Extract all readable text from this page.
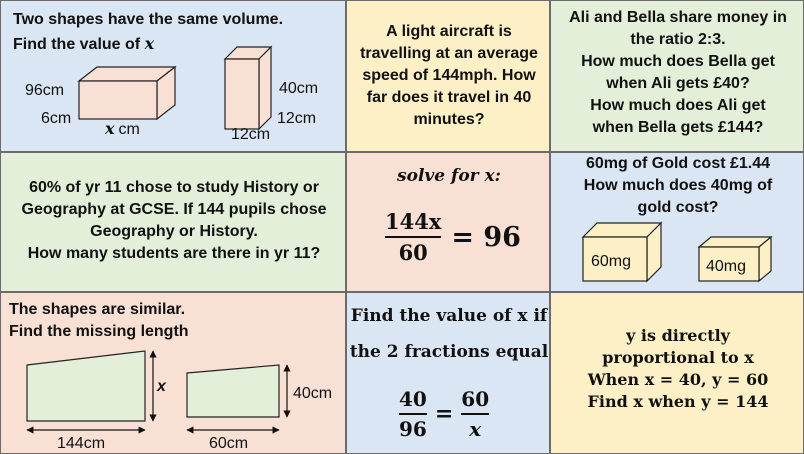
Two shapes have the same volume.
Find the value of x
96cm
6cm
x cm
40cm
12cm
12cm
A light aircraft is
travelling at an average
speed of 144mph. How
far does it travel in 40
minutes?
Ali and Bella share money in
the ratio 2:3.
How much does Bella get
when Ali gets £40?
How much does Ali get
when Bella gets £144?
60% of yr 11 chose to study History or
Geography at GCSE. If 144 pupils chose
Geography or History.
How many students are there in yr 11?
solve for x:
144x
60 = 96
60mg of Gold cost £1.44
How much does 40mg of
gold cost?
60mg	40mg
The shapes are similar.
Find the missing length
x	40cm
144cm	60cm
Find the value of x if
the 2 fractions equal
40
96
=
60
x
y is directly
proportional to x
When x = 40, y = 60
Find x when y = 144
